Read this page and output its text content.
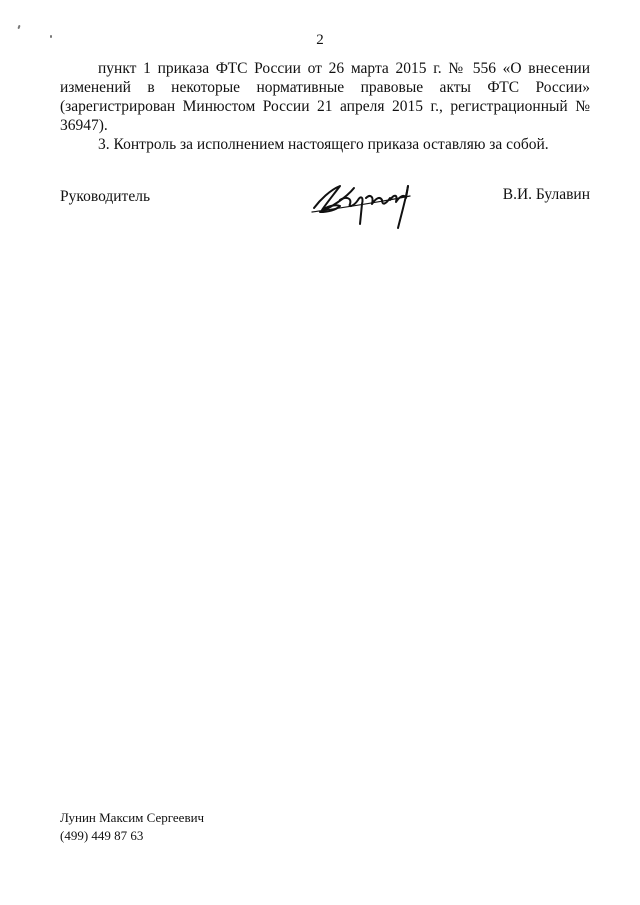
2

пункт 1 приказа ФТС России от 26 марта 2015 г. № 556 «О внесении изменений в некоторые нормативные правовые акты ФТС России» (зарегистрирован Минюстом России 21 апреля 2015 г., регистрационный № 36947).

3. Контроль за исполнением настоящего приказа оставляю за собой.

Руководитель	В.И. Булавин
Лунин Максим Сергеевич
(499) 449 87 63
